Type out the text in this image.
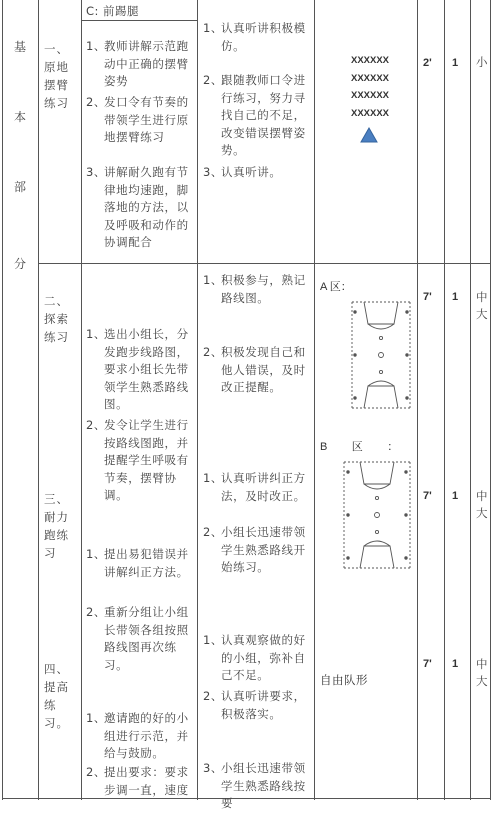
基
本
部
分
一、原地摆臂练习
二、探索练习
三、耐力跑练习
四、提高练习。
C: 前踢腿
1、
教师讲解示范跑动中正确的摆臂姿势
2、
发口令有节奏的带领学生进行原地摆臂练习
3、
讲解耐久跑有节律地均速跑，脚落地的方法，以及呼吸和动作的协调配合
1、
选出小组长，分发跑步线路图，要求小组长先带领学生熟悉路线图。
2、
发令让学生进行按路线图跑，并提醒学生呼吸有节奏，摆臂协调。
1、
提出易犯错误并讲解纠正方法。
2、
重新分组让小组长带领各组按照路线图再次练习。
1、
邀请跑的好的小组进行示范，并给与鼓励。
2、
提出要求：要求步调一直，速度
1、
认真听讲积极模仿。
2、
跟随教师口令进行练习，努力寻找自己的不足，改变错误摆臂姿势。
3、
认真听讲。
1、
积极参与，熟记路线图。
2、
积极发现自己和他人错误，及时改正提醒。
1、
认真听讲纠正方法，及时改正。
2、
小组长迅速带领学生熟悉路线开始练习。
1、
认真观察做的好的小组，弥补自己不足。
2、
认真听讲要求，积极落实。
3、
小组长迅速带领学生熟悉路线按要
XXXXXX
XXXXXX
XXXXXX
XXXXXX
A 区：
B        区        ：
自由队形
2'
7'
7'
7'
1
1
1
1
小
中大
中大
中大
